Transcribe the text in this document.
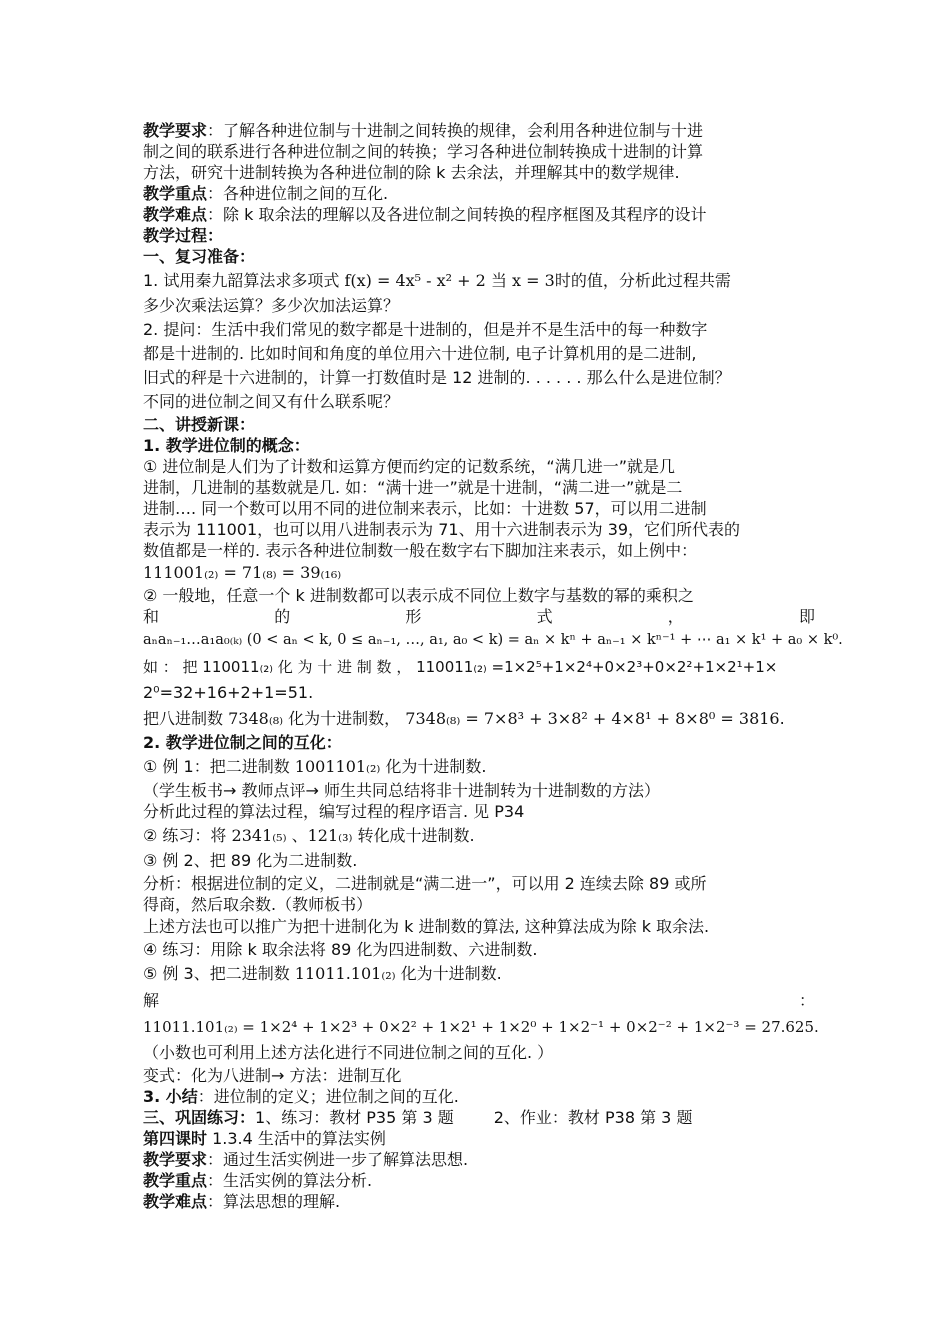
教学要求：了解各种进位制与十进制之间转换的规律，会利用各种进位制与十进
制之间的联系进行各种进位制之间的转换；学习各种进位制转换成十进制的计算
方法，研究十进制转换为各种进位制的除 k 去余法，并理解其中的数学规律.
教学重点：各种进位制之间的互化.
教学难点：除 k 取余法的理解以及各进位制之间转换的程序框图及其程序的设计
教学过程：
一、复习准备：
1. 试用秦九韶算法求多项式 f(x) = 4x⁵ - x² + 2 当 x = 3时的值，分析此过程共需
多少次乘法运算？多少次加法运算？
2. 提问：生活中我们常见的数字都是十进制的，但是并不是生活中的每一种数字
都是十进制的. 比如时间和角度的单位用六十进位制, 电子计算机用的是二进制,
旧式的秤是十六进制的，计算一打数值时是 12 进制的. . . . . . 那么什么是进位制？
不同的进位制之间又有什么联系呢？
二、讲授新课：
1. 教学进位制的概念：
① 进位制是人们为了计数和运算方便而约定的记数系统，“满几进一”就是几
进制，几进制的基数就是几. 如：“满十进一”就是十进制，“满二进一”就是二
进制…. 同一个数可以用不同的进位制来表示，比如：十进数 57，可以用二进制
表示为 111001，也可以用八进制表示为 71、用十六进制表示为 39，它们所代表的
数值都是一样的. 表示各种进位制数一般在数字右下脚加注来表示，如上例中：
111001₍₂₎ = 71₍₈₎ = 39₍₁₆₎
② 一般地，任意一个 k 进制数都可以表示成不同位上数字与基数的幂的乘积之
和	的	形	式	，	即
aₙaₙ₋₁…a₁a₀₍ₖ₎ (0 < aₙ < k, 0 ≤ aₙ₋₁, …, a₁, a₀ < k) = aₙ × kⁿ + aₙ₋₁ × kⁿ⁻¹ + ⋯ a₁ × k¹ + a₀ × k⁰.
如 ： 把 110011₍₂₎ 化 为 十 进 制 数 ， 110011₍₂₎ =1×2⁵+1×2⁴+0×2³+0×2²+1×2¹+1×
2⁰=32+16+2+1=51.
把八进制数 7348₍₈₎ 化为十进制数， 7348₍₈₎ = 7×8³ + 3×8² + 4×8¹ + 8×8⁰ = 3816.
2. 教学进位制之间的互化：
① 例 1：把二进制数 1001101₍₂₎ 化为十进制数.
（学生板书→ 教师点评→ 师生共同总结将非十进制转为十进制数的方法）
分析此过程的算法过程，编写过程的程序语言. 见 P34
② 练习：将 2341₍₅₎ 、121₍₃₎ 转化成十进制数.
③ 例 2、把 89 化为二进制数.
分析：根据进位制的定义，二进制就是“满二进一”，可以用 2 连续去除 89 或所
得商，然后取余数.（教师板书）
上述方法也可以推广为把十进制化为 k 进制数的算法, 这种算法成为除 k 取余法.
④ 练习：用除 k 取余法将 89 化为四进制数、六进制数.
⑤ 例 3、把二进制数 11011.101₍₂₎ 化为十进制数.
解	：
11011.101₍₂₎ = 1×2⁴ + 1×2³ + 0×2² + 1×2¹ + 1×2⁰ + 1×2⁻¹ + 0×2⁻² + 1×2⁻³ = 27.625.
（小数也可利用上述方法化进行不同进位制之间的互化. ）
变式：化为八进制→ 方法：进制互化
3. 小结：进位制的定义；进位制之间的互化.
三、巩固练习：1、练习：教材 P35 第 3 题	2、作业：教材 P38 第 3 题
第四课时 1.3.4 生活中的算法实例
教学要求：通过生活实例进一步了解算法思想.
教学重点：生活实例的算法分析.
教学难点：算法思想的理解.
